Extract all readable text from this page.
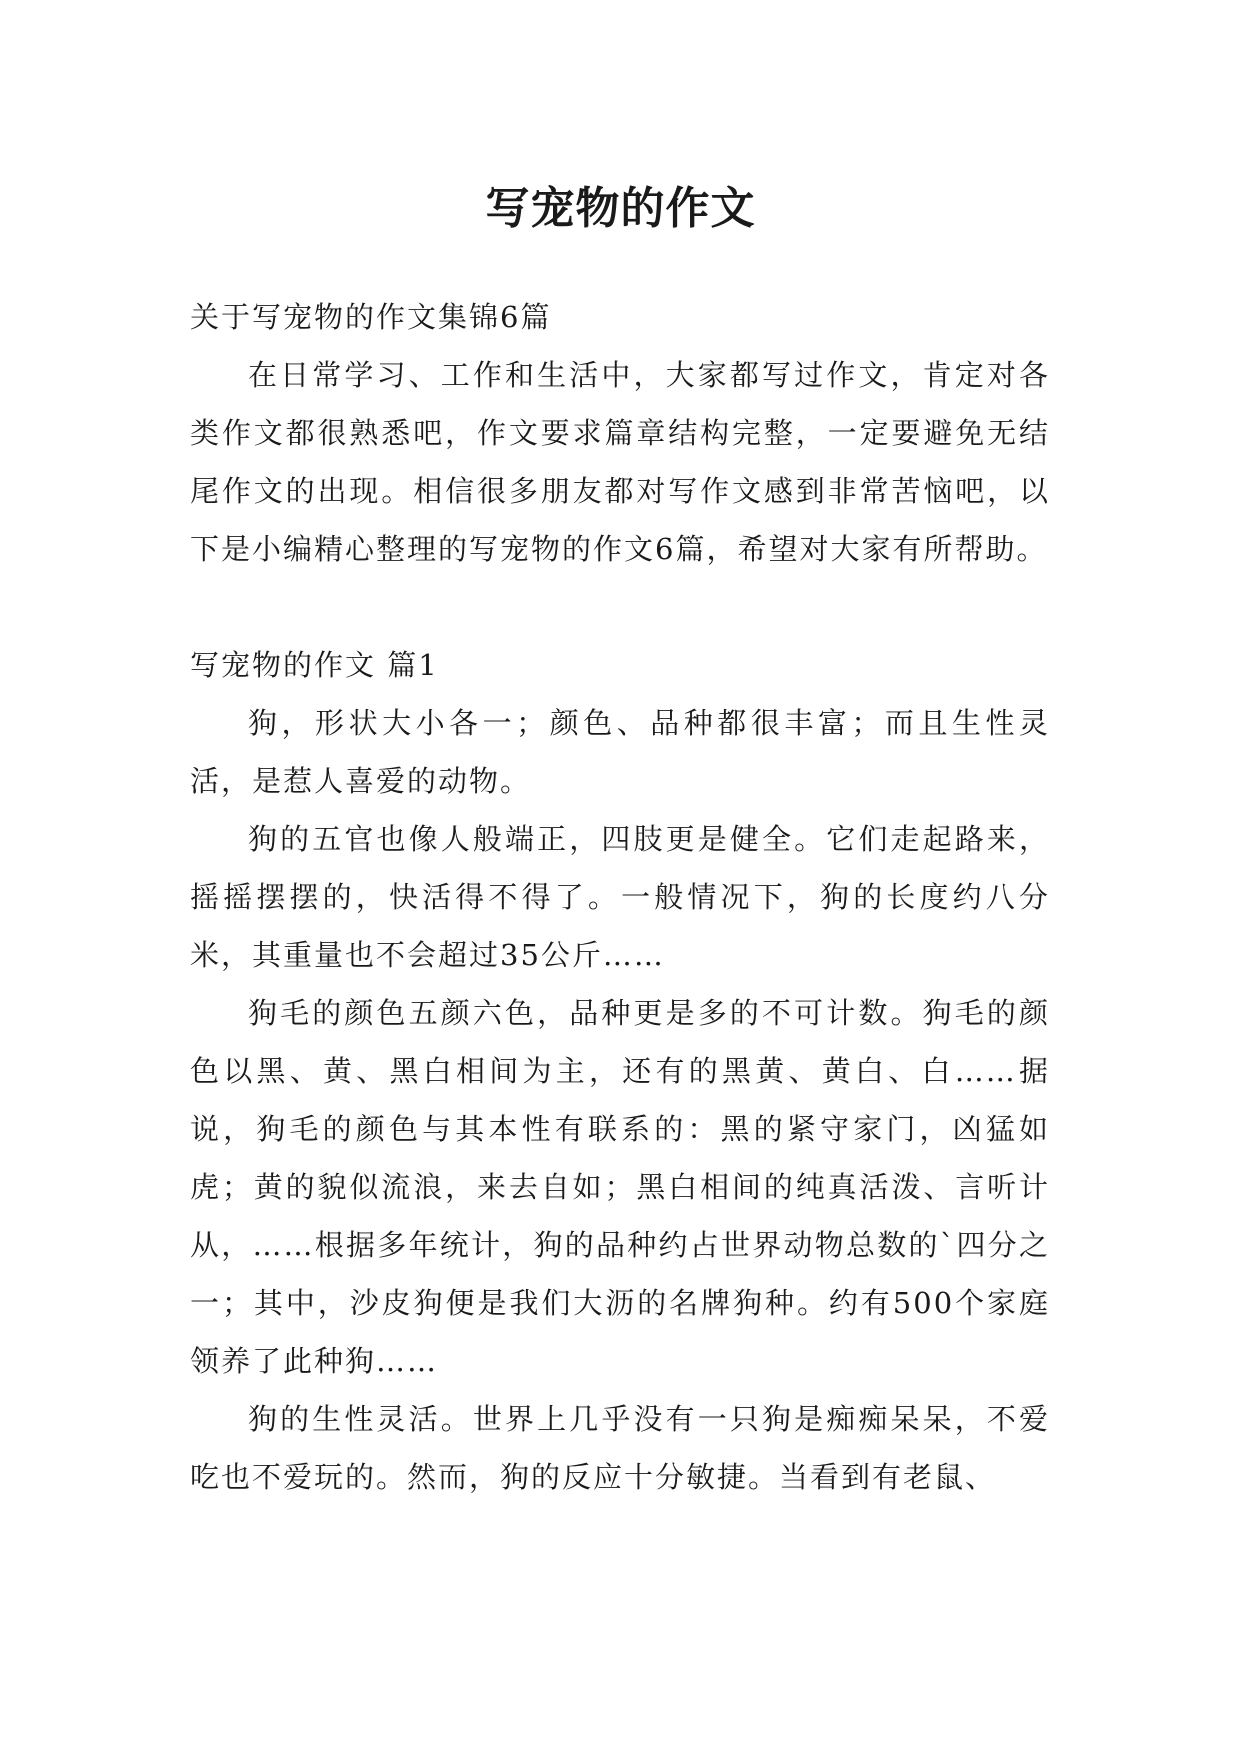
写宠物的作文

关于写宠物的作文集锦6篇

在日常学习、工作和生活中，大家都写过作文，肯定对各类作文都很熟悉吧，作文要求篇章结构完整，一定要避免无结尾作文的出现。相信很多朋友都对写作文感到非常苦恼吧，以下是小编精心整理的写宠物的作文6篇，希望对大家有所帮助。

写宠物的作文 篇1

狗，形状大小各一；颜色、品种都很丰富；而且生性灵活，是惹人喜爱的动物。

狗的五官也像人般端正，四肢更是健全。它们走起路来，摇摇摆摆的，快活得不得了。一般情况下，狗的长度约八分米，其重量也不会超过35公斤……

狗毛的颜色五颜六色，品种更是多的不可计数。狗毛的颜色以黑、黄、黑白相间为主，还有的黑黄、黄白、白……据说，狗毛的颜色与其本性有联系的：黑的紧守家门，凶猛如虎；黄的貌似流浪，来去自如；黑白相间的纯真活泼、言听计从，……根据多年统计，狗的品种约占世界动物总数的`四分之一；其中，沙皮狗便是我们大沥的名牌狗种。约有500个家庭领养了此种狗……

狗的生性灵活。世界上几乎没有一只狗是痴痴呆呆，不爱吃也不爱玩的。然而，狗的反应十分敏捷。当看到有老鼠、
